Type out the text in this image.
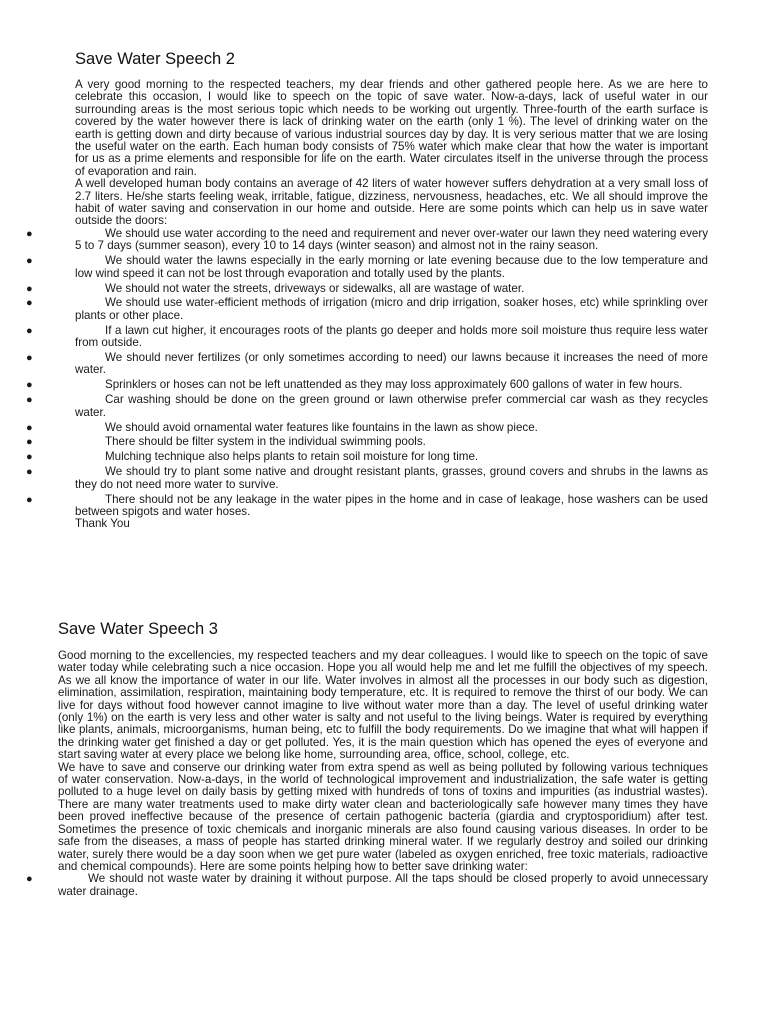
Save Water Speech 2

A very good morning to the respected teachers, my dear friends and other gathered people here. As we are here to celebrate this occasion, I would like to speech on the topic of save water. Now-a-days, lack of useful water in our surrounding areas is the most serious topic which needs to be working out urgently. Three-fourth of the earth surface is covered by the water however there is lack of drinking water on the earth (only 1 %). The level of drinking water on the earth is getting down and dirty because of various industrial sources day by day. It is very serious matter that we are losing the useful water on the earth. Each human body consists of 75% water which make clear that how the water is important for us as a prime elements and responsible for life on the earth. Water circulates itself in the universe through the process of evaporation and rain.

A well developed human body contains an average of 42 liters of water however suffers dehydration at a very small loss of 2.7 liters. He/she starts feeling weak, irritable, fatigue, dizziness, nervousness, headaches, etc. We all should improve the habit of water saving and conservation in our home and outside. Here are some points which can help us in save water outside the doors:

●	We should use water according to the need and requirement and never over-water our lawn they need watering every 5 to 7 days (summer season), every 10 to 14 days (winter season) and almost not in the rainy season.
●	We should water the lawns especially in the early morning or late evening because due to the low temperature and low wind speed it can not be lost through evaporation and totally used by the plants.
●	We should not water the streets, driveways or sidewalks, all are wastage of water.
●	We should use water-efficient methods of irrigation (micro and drip irrigation, soaker hoses, etc) while sprinkling over plants or other place.
●	If a lawn cut higher, it encourages roots of the plants go deeper and holds more soil moisture thus require less water from outside.
●	We should never fertilizes (or only sometimes according to need) our lawns because it increases the need of more water.
●	Sprinklers or hoses can not be left unattended as they may loss approximately 600 gallons of water in few hours.
●	Car washing should be done on the green ground or lawn otherwise prefer commercial car wash as they recycles water.
●	We should avoid ornamental water features like fountains in the lawn as show piece.
●	There should be filter system in the individual swimming pools.
●	Mulching technique also helps plants to retain soil moisture for long time.
●	We should try to plant some native and drought resistant plants, grasses, ground covers and shrubs in the lawns as they do not need more water to survive.
●	There should not be any leakage in the water pipes in the home and in case of leakage, hose washers can be used between spigots and water hoses.

Thank You

Save Water Speech 3

Good morning to the excellencies, my respected teachers and my dear colleagues. I would like to speech on the topic of save water today while celebrating such a nice occasion. Hope you all would help me and let me fulfill the objectives of my speech. As we all know the importance of water in our life. Water involves in almost all the processes in our body such as digestion, elimination, assimilation, respiration, maintaining body temperature, etc. It is required to remove the thirst of our body. We can live for days without food however cannot imagine to live without water more than a day. The level of useful drinking water (only 1%) on the earth is very less and other water is salty and not useful to the living beings. Water is required by everything like plants, animals, microorganisms, human being, etc to fulfill the body requirements. Do we imagine that what will happen if the drinking water get finished a day or get polluted. Yes, it is the main question which has opened the eyes of everyone and start saving water at every place we belong like home, surrounding area, office, school, college, etc.

We have to save and conserve our drinking water from extra spend as well as being polluted by following various techniques of water conservation. Now-a-days, in the world of technological improvement and industrialization, the safe water is getting polluted to a huge level on daily basis by getting mixed with hundreds of tons of toxins and impurities (as industrial wastes). There are many water treatments used to make dirty water clean and bacteriologically safe however many times they have been proved ineffective because of the presence of certain pathogenic bacteria (giardia and cryptosporidium) after test. Sometimes the presence of toxic chemicals and inorganic minerals are also found causing various diseases. In order to be safe from the diseases, a mass of people has started drinking mineral water. If we regularly destroy and soiled our drinking water, surely there would be a day soon when we get pure water (labeled as oxygen enriched, free toxic materials, radioactive and chemical compounds). Here are some points helping how to better save drinking water:

●	We should not waste water by draining it without purpose. All the taps should be closed properly to avoid unnecessary water drainage.
